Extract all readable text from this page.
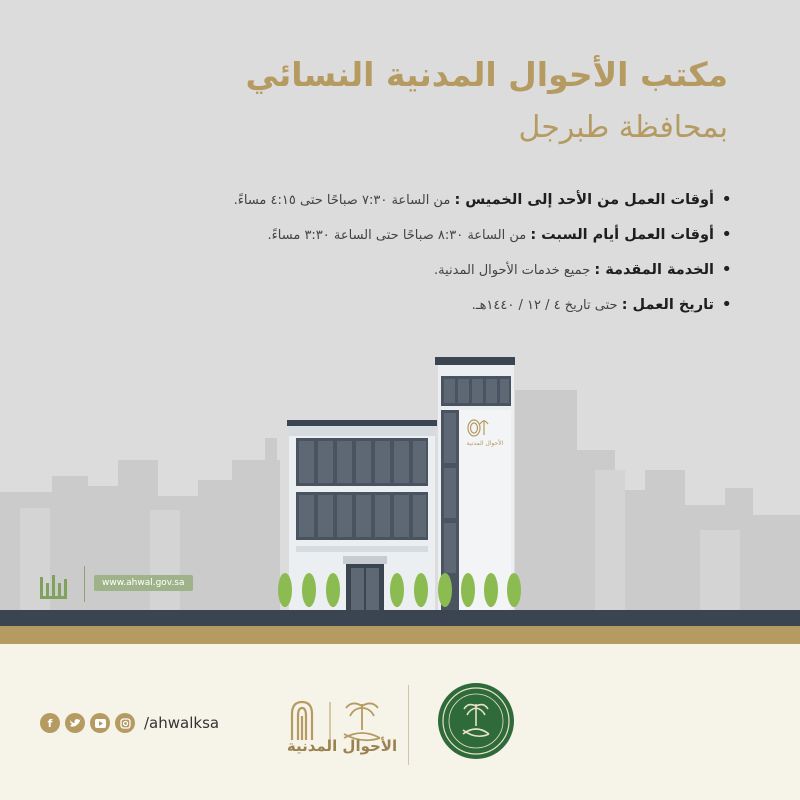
مكتب الأحوال المدنية النسائي
بمحافظة طبرجل
• أوقات العمل من الأحد إلى الخميس : من الساعة ٧:٣٠ صباحًا حتى ٤:١٥ مساءً.
• أوقات العمل أيام السبت : من الساعة ٨:٣٠ صباحًا حتى الساعة ٣:٣٠ مساءً.
• الخدمة المقدمة : جميع خدمات الأحوال المدنية.
• تاريخ العمل : حتى تاريخ ٤ / ١٢ / ١٤٤٠هـ.
الأحوال المدنية
www.ahwal.gov.sa
f	/ahwalksa
الأحوال المدنية
